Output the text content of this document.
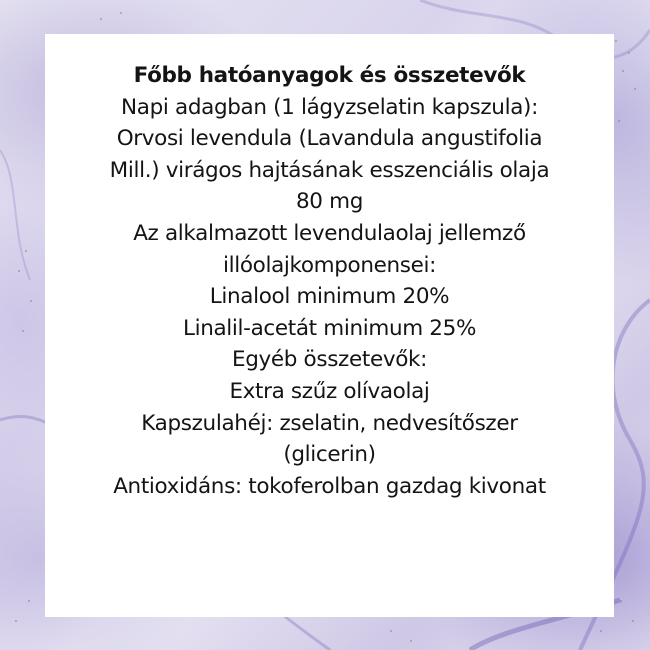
Főbb hatóanyagok és összetevők
Napi adagban (1 lágyzselatin kapszula):
Orvosi levendula (Lavandula angustifolia
Mill.) virágos hajtásának esszenciális olaja
80 mg
Az alkalmazott levendulaolaj jellemző
illóolajkomponensei:
Linalool minimum 20%
Linalil-acetát minimum 25%
Egyéb összetevők:
Extra szűz olívaolaj
Kapszulahéj: zselatin, nedvesítőszer
(glicerin)
Antioxidáns: tokoferolban gazdag kivonat
